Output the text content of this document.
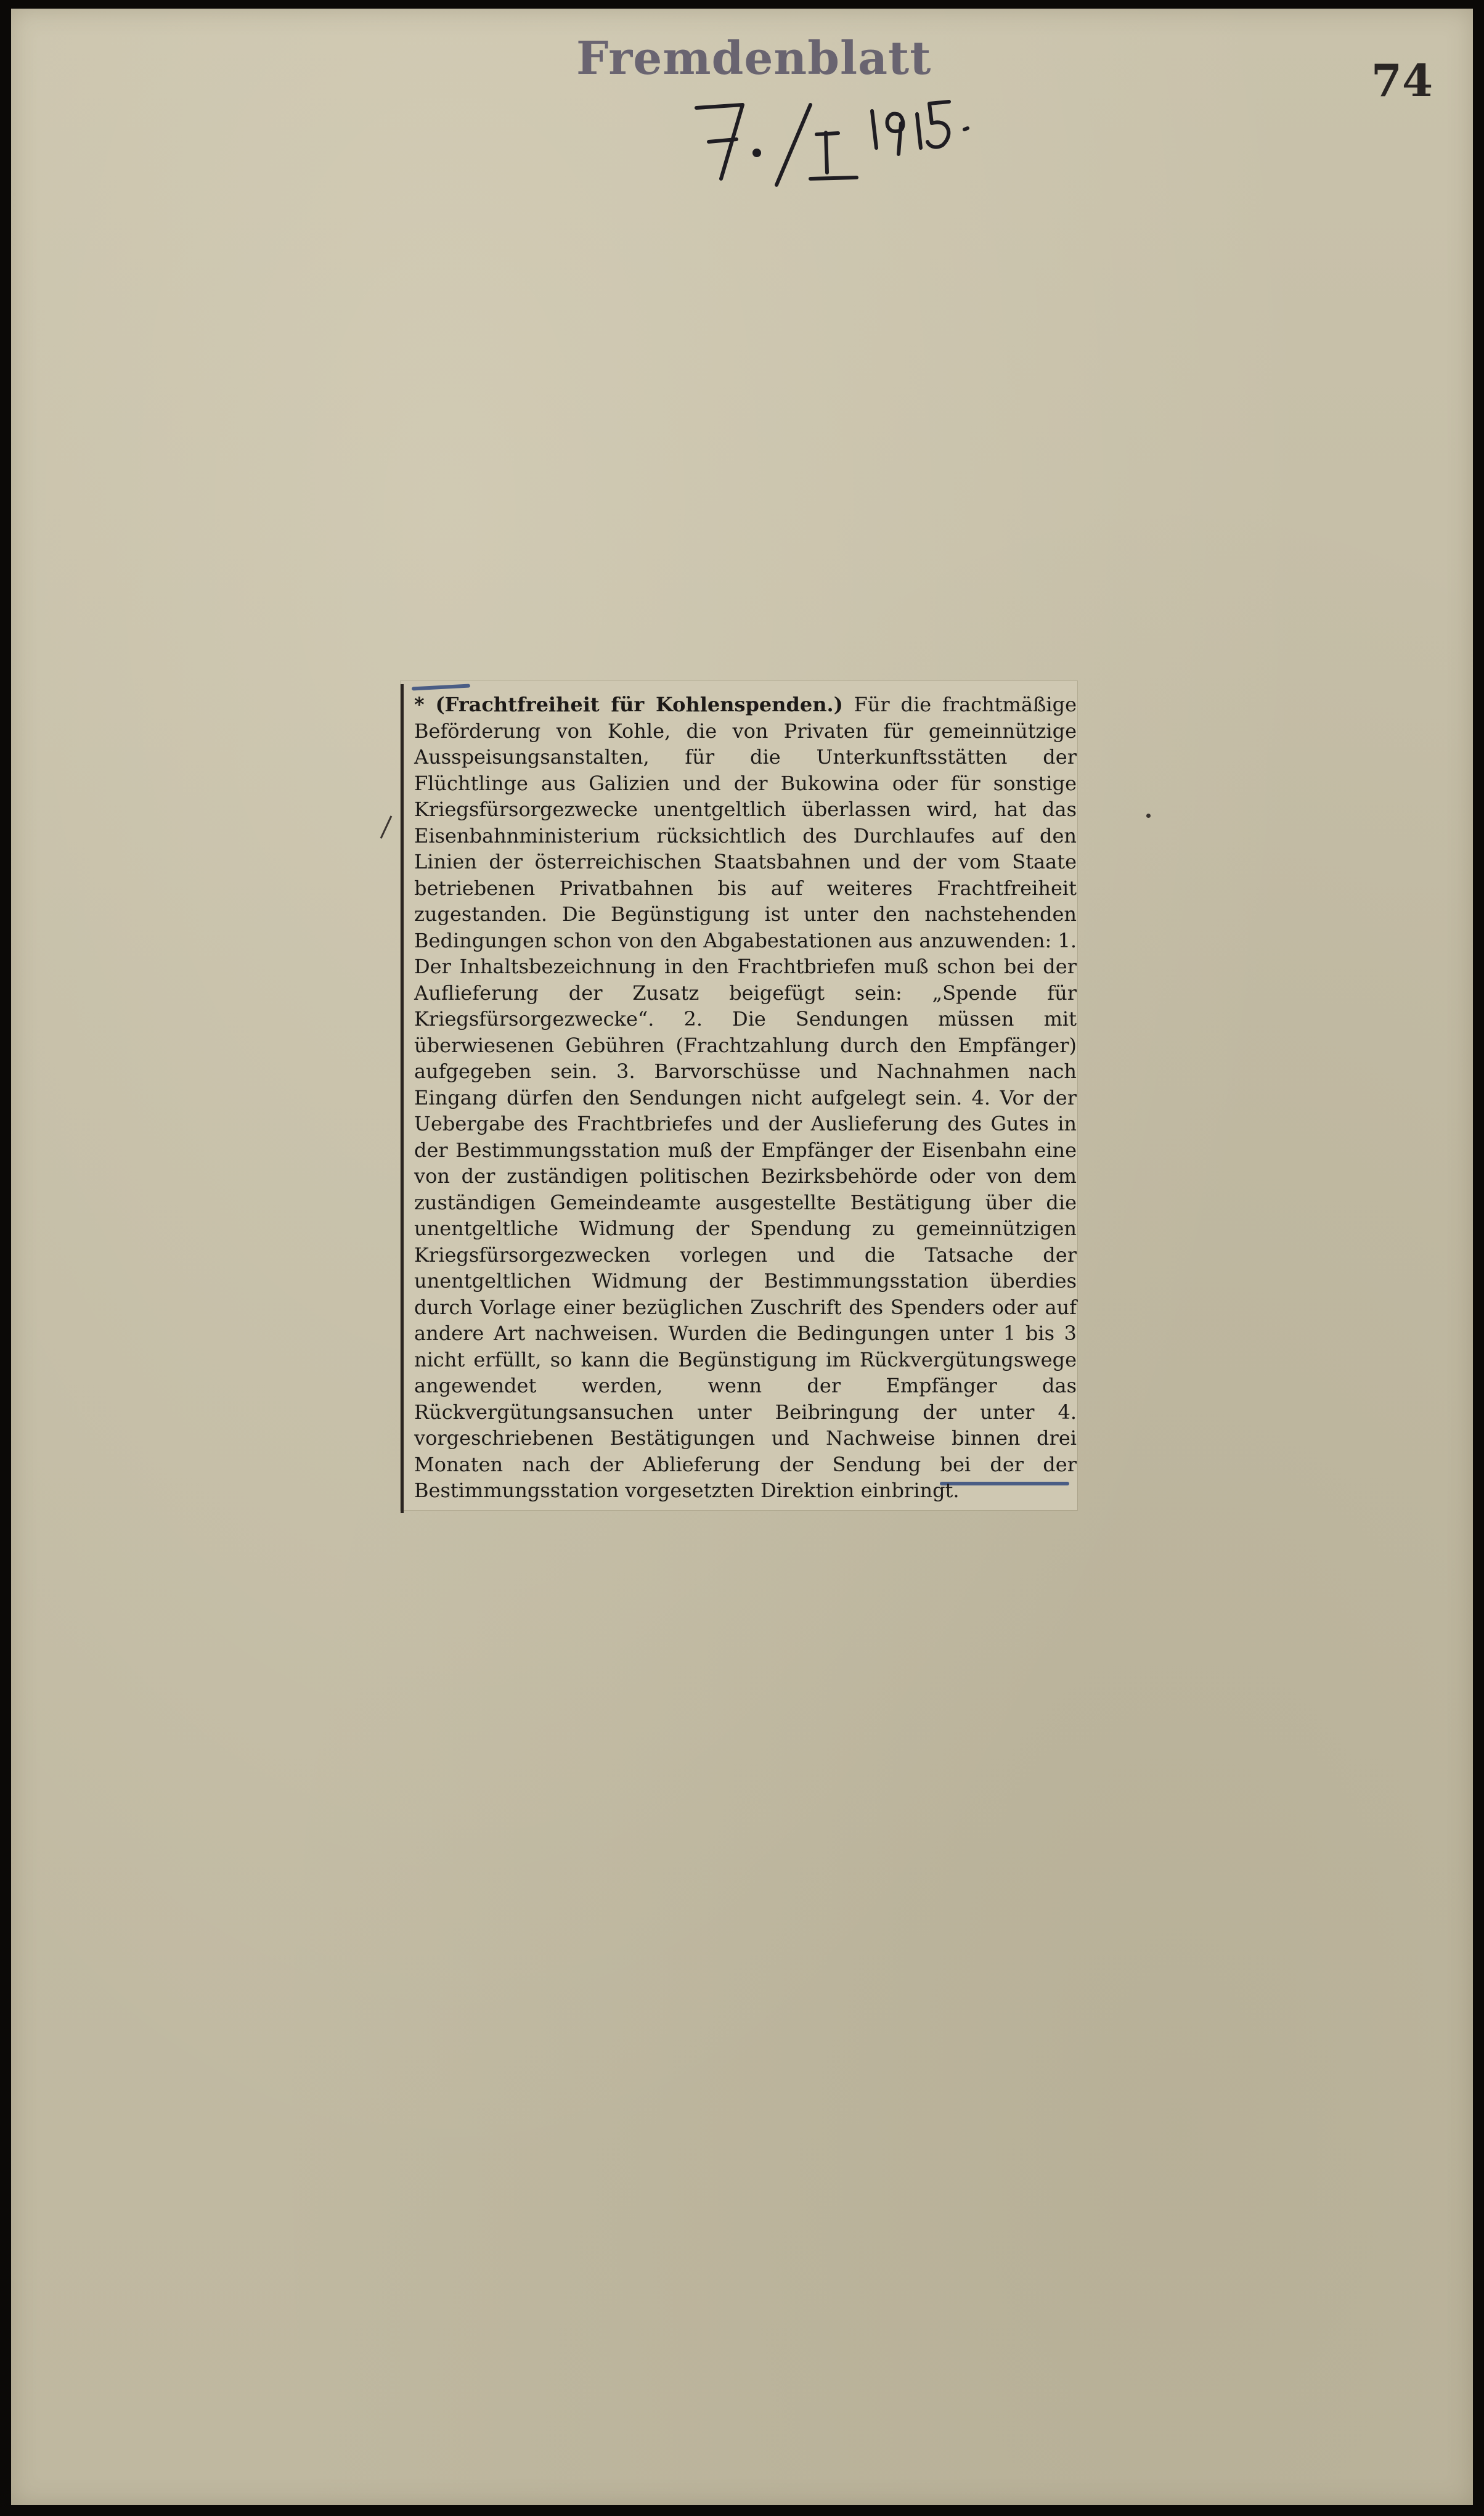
Fremdenblatt	74

* (Frachtfreiheit für Kohlenspenden.) Für die frachtmäßige Beförderung von Kohle, die von Privaten für gemeinnützige Ausspeisungsanstalten, für die Unterkunftsstätten der Flüchtlinge aus Galizien und der Bukowina oder für sonstige Kriegsfürsorgezwecke unentgeltlich überlassen wird, hat das Eisenbahnministerium rücksichtlich des Durchlaufes auf den Linien der österreichischen Staatsbahnen und der vom Staate betriebenen Privatbahnen bis auf weiteres Frachtfreiheit zugestanden. Die Begünstigung ist unter den nachstehenden Bedingungen schon von den Abgabestationen aus anzuwenden: 1. Der Inhaltsbezeichnung in den Frachtbriefen muß schon bei der Auflieferung der Zusatz beigefügt sein: „Spende für Kriegsfürsorgezwecke“. 2. Die Sendungen müssen mit überwiesenen Gebühren (Frachtzahlung durch den Empfänger) aufgegeben sein. 3. Barvorschüsse und Nachnahmen nach Eingang dürfen den Sendungen nicht aufgelegt sein. 4. Vor der Uebergabe des Frachtbriefes und der Auslieferung des Gutes in der Bestimmungsstation muß der Empfänger der Eisenbahn eine von der zuständigen politischen Bezirksbehörde oder von dem zuständigen Gemeindeamte ausgestellte Bestätigung über die unentgeltliche Widmung der Spendung zu gemeinnützigen Kriegsfürsorgezwecken vorlegen und die Tatsache der unentgeltlichen Widmung der Bestimmungsstation überdies durch Vorlage einer bezüglichen Zuschrift des Spenders oder auf andere Art nachweisen. Wurden die Bedingungen unter 1 bis 3 nicht erfüllt, so kann die Begünstigung im Rückvergütungswege angewendet werden, wenn der Empfänger das Rückvergütungsansuchen unter Beibringung der unter 4. vorgeschriebenen Bestätigungen und Nachweise binnen drei Monaten nach der Ablieferung der Sendung bei der der Bestimmungsstation vorgesetzten Direktion einbringt.
